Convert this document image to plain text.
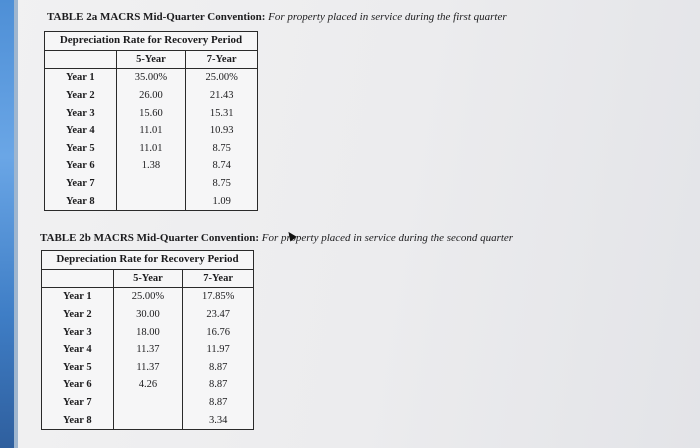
TABLE 2a MACRS Mid-Quarter Convention: For property placed in service during the first quarter
Depreciation Rate for Recovery Period		
	5-Year	7-Year
Year 1	35.00%	25.00%
Year 2	26.00	21.43
Year 3	15.60	15.31
Year 4	11.01	10.93
Year 5	11.01	8.75
Year 6	1.38	8.74
Year 7		8.75
Year 8		1.09
TABLE 2b MACRS Mid-Quarter Convention: For property placed in service during the second quarter
Depreciation Rate for Recovery Period		
	5-Year	7-Year
Year 1	25.00%	17.85%
Year 2	30.00	23.47
Year 3	18.00	16.76
Year 4	11.37	11.97
Year 5	11.37	8.87
Year 6	4.26	8.87
Year 7		8.87
Year 8		3.34
